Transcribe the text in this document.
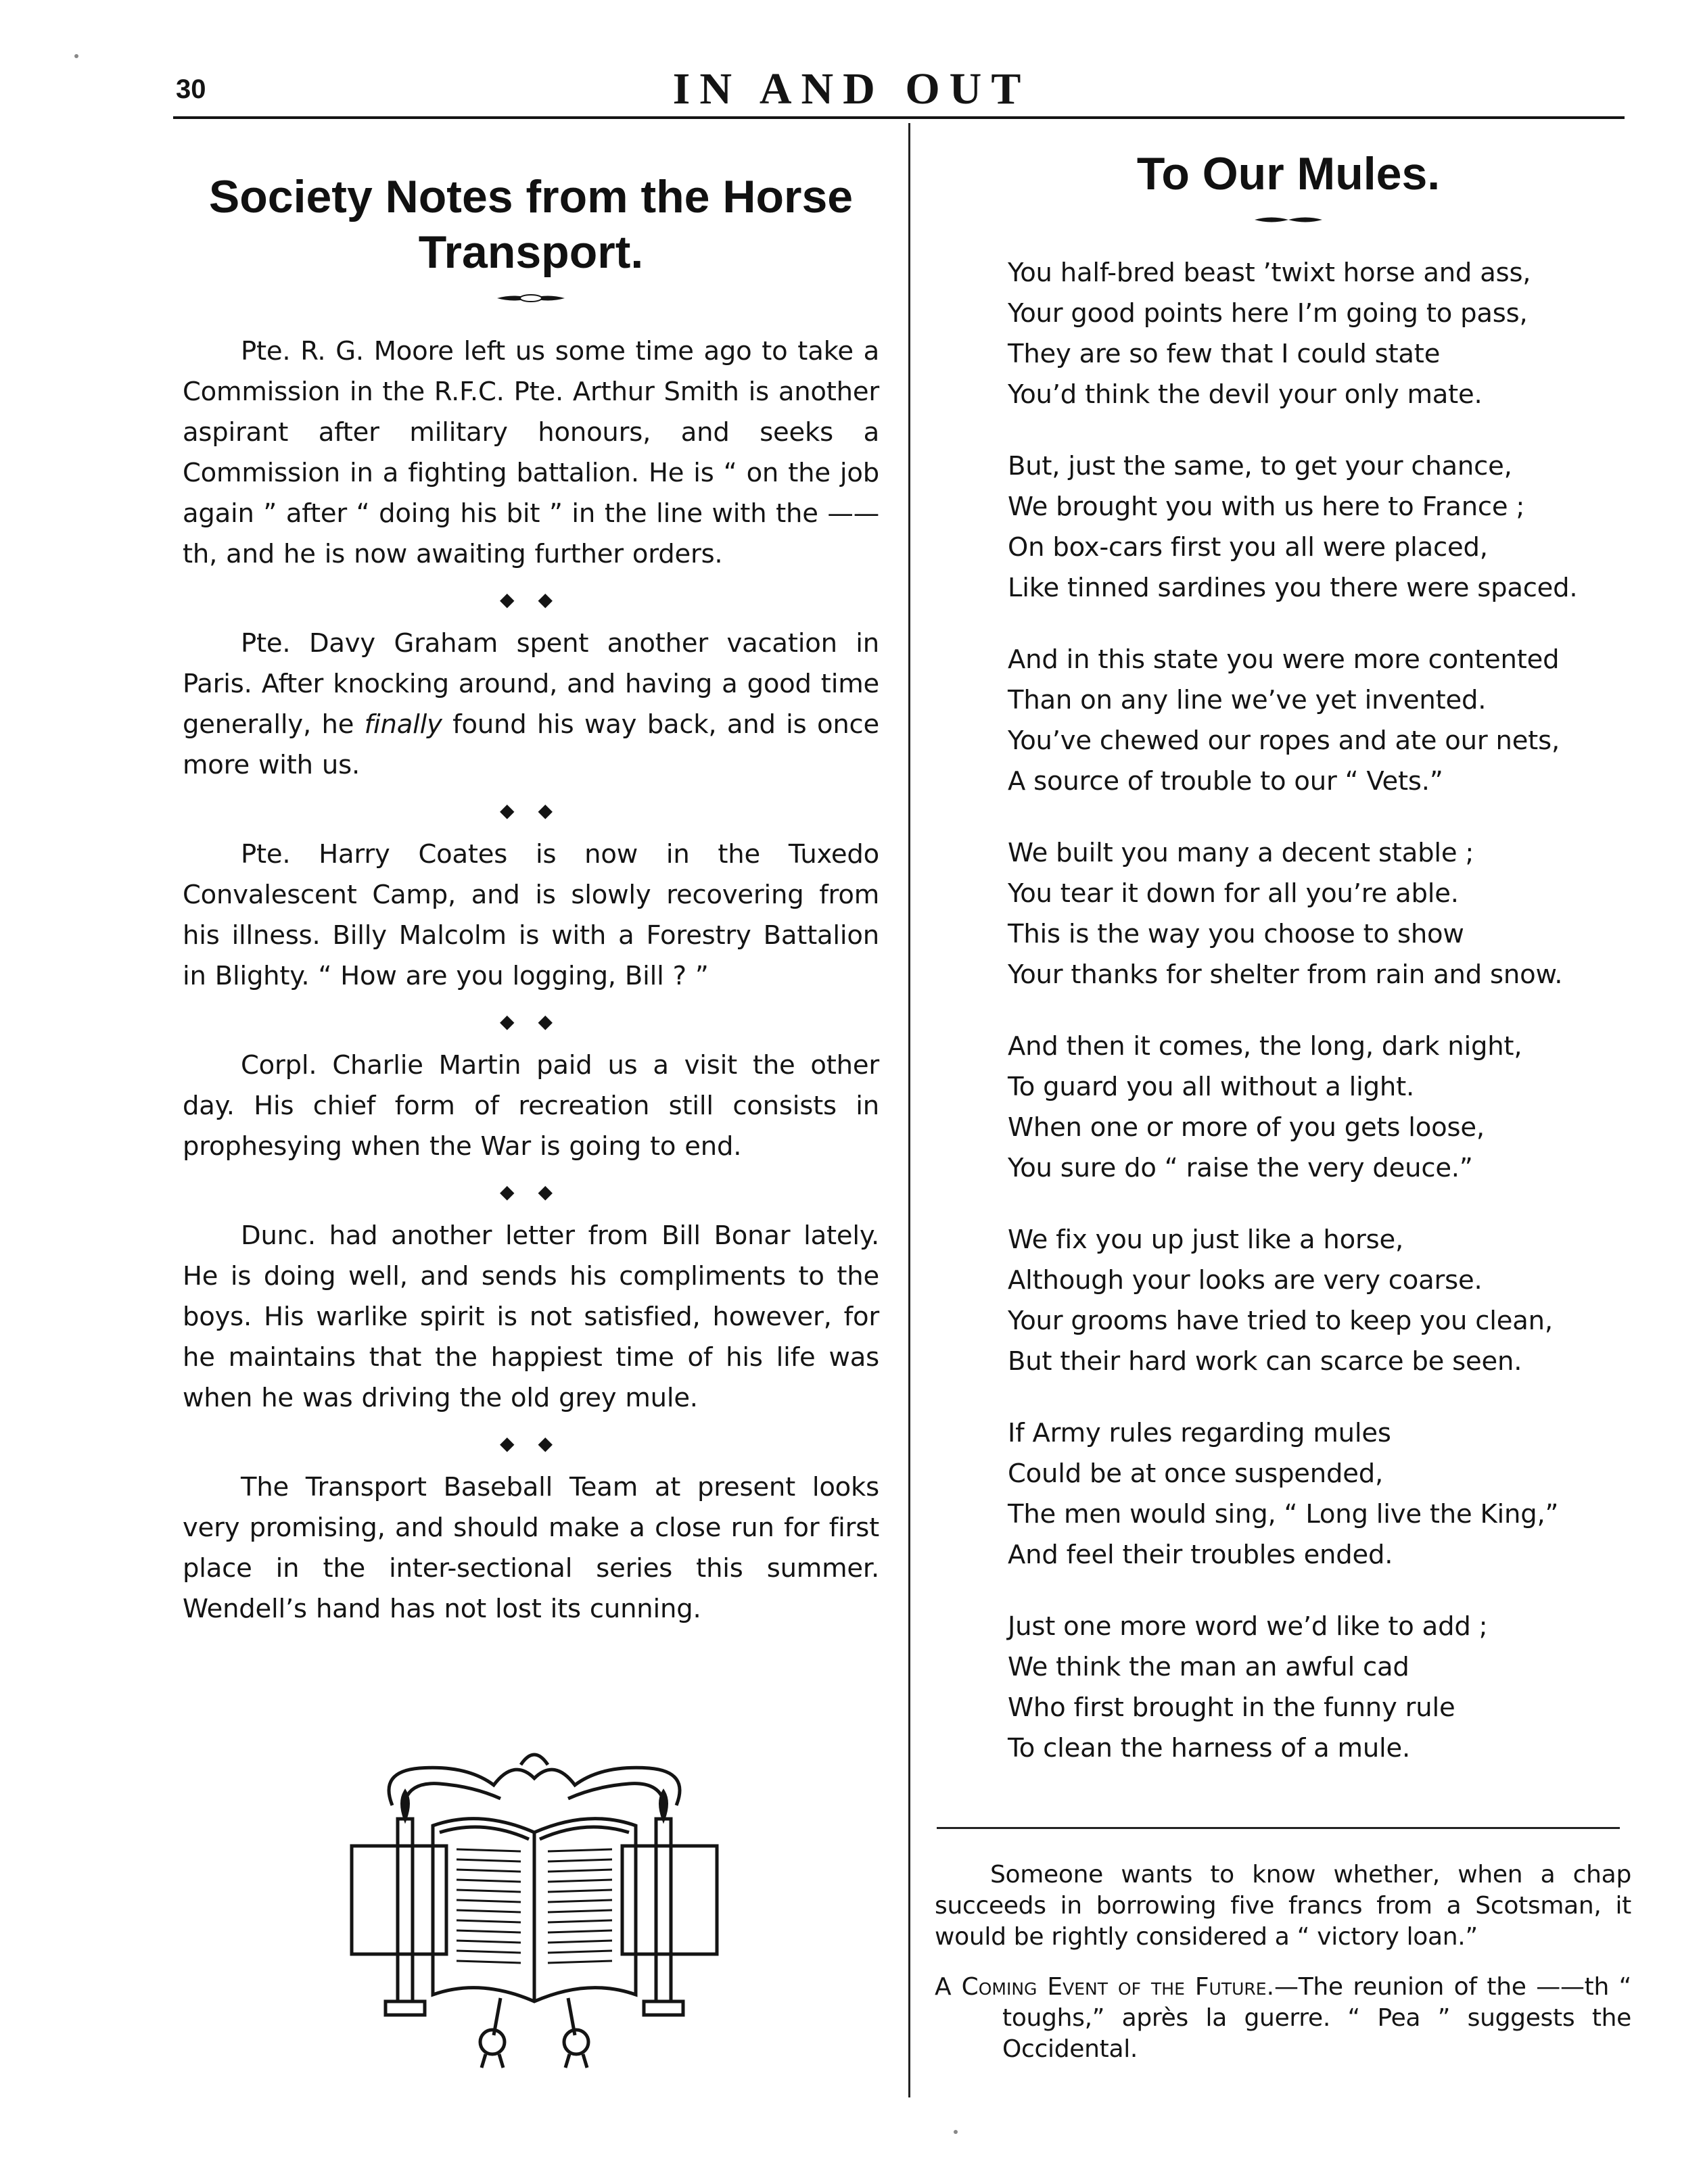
30	IN AND OUT
Society Notes from the Horse
Transport.

Pte. R. G. Moore left us some time ago to take a Commission in the R.F.C. Pte. Arthur Smith is another aspirant after military honours, and seeks a Commission in a fighting battalion. He is “ on the job again ” after “ doing his bit ” in the line with the ——th, and he is now awaiting further orders.

◆ ◆

Pte. Davy Graham spent another vacation in Paris. After knocking around, and having a good time generally, he finally found his way back, and is once more with us.

◆ ◆

Pte. Harry Coates is now in the Tuxedo Convalescent Camp, and is slowly recovering from his illness. Billy Malcolm is with a Forestry Battalion in Blighty. “ How are you logging, Bill ? ”

◆ ◆

Corpl. Charlie Martin paid us a visit the other day. His chief form of recreation still consists in prophesying when the War is going to end.

◆ ◆

Dunc. had another letter from Bill Bonar lately. He is doing well, and sends his compliments to the boys. His warlike spirit is not satisfied, however, for he maintains that the happiest time of his life was when he was driving the old grey mule.

◆ ◆

The Transport Baseball Team at present looks very promising, and should make a close run for first place in the inter-sectional series this summer. Wendell’s hand has not lost its cunning.

To Our Mules.
You half-bred beast ’twixt horse and ass,
Your good points here I’m going to pass,
They are so few that I could state
You’d think the devil your only mate.
But, just the same, to get your chance,
We brought you with us here to France ;
On box-cars first you all were placed,
Like tinned sardines you there were spaced.
And in this state you were more contented
Than on any line we’ve yet invented.
You’ve chewed our ropes and ate our nets,
A source of trouble to our “ Vets.”
We built you many a decent stable ;
You tear it down for all you’re able.
This is the way you choose to show
Your thanks for shelter from rain and snow.
And then it comes, the long, dark night,
To guard you all without a light.
When one or more of you gets loose,
You sure do “ raise the very deuce.”
We fix you up just like a horse,
Although your looks are very coarse.
Your grooms have tried to keep you clean,
But their hard work can scarce be seen.
If Army rules regarding mules
Could be at once suspended,
The men would sing, “ Long live the King,”
And feel their troubles ended.
Just one more word we’d like to add ;
We think the man an awful cad
Who first brought in the funny rule
To clean the harness of a mule.

Someone wants to know whether, when a chap succeeds in borrowing five francs from a Scotsman, it would be rightly considered a “ victory loan.”

A Coming Event of the Future.—The reunion of the ——th “ toughs,” après la guerre. “ Pea ” suggests the Occidental.
